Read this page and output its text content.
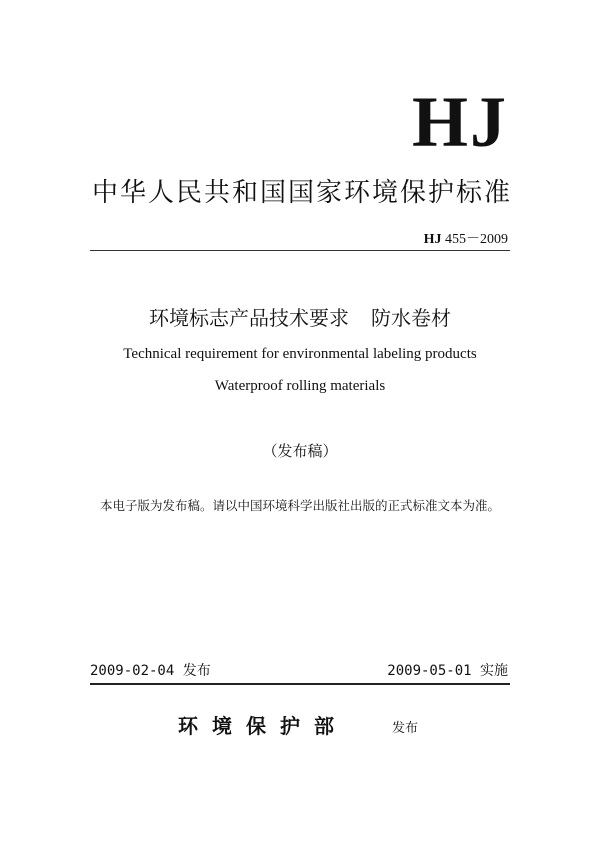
HJ
中华人民共和国国家环境保护标准
HJ 455－2009
环境标志产品技术要求 防水卷材
Technical requirement for environmental labeling products
Waterproof rolling materials
（发布稿）
本电子版为发布稿。请以中国环境科学出版社出版的正式标准文本为准。
2009-02-04 发布	2009-05-01 实施
环境保护部	发布
